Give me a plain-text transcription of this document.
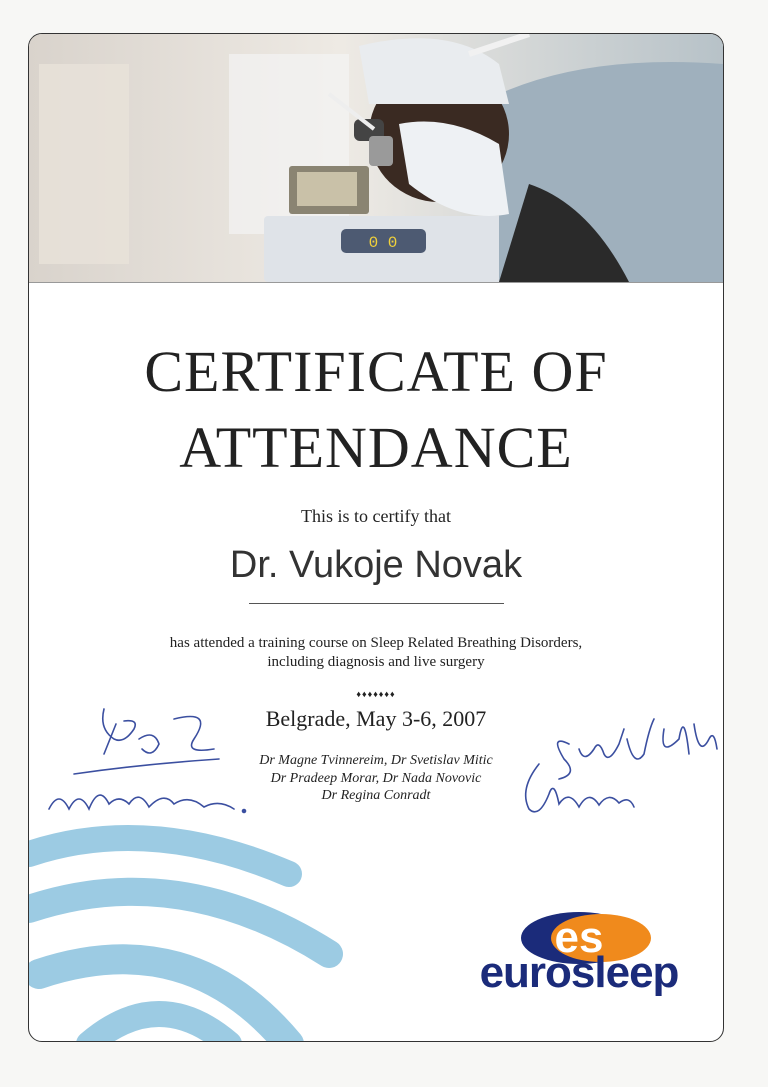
0 0
CERTIFICATE OF
ATTENDANCE
This is to certify that
Dr. Vukoje Novak
has attended a training course on Sleep Related Breathing Disorders,
including diagnosis and live surgery
♦♦♦♦♦♦♦
Belgrade, May 3-6, 2007
Dr Magne Tvinnereim, Dr Svetislav Mitic
Dr Pradeep Morar, Dr Nada Novovic
Dr Regina Conradt
es
eurosleep
